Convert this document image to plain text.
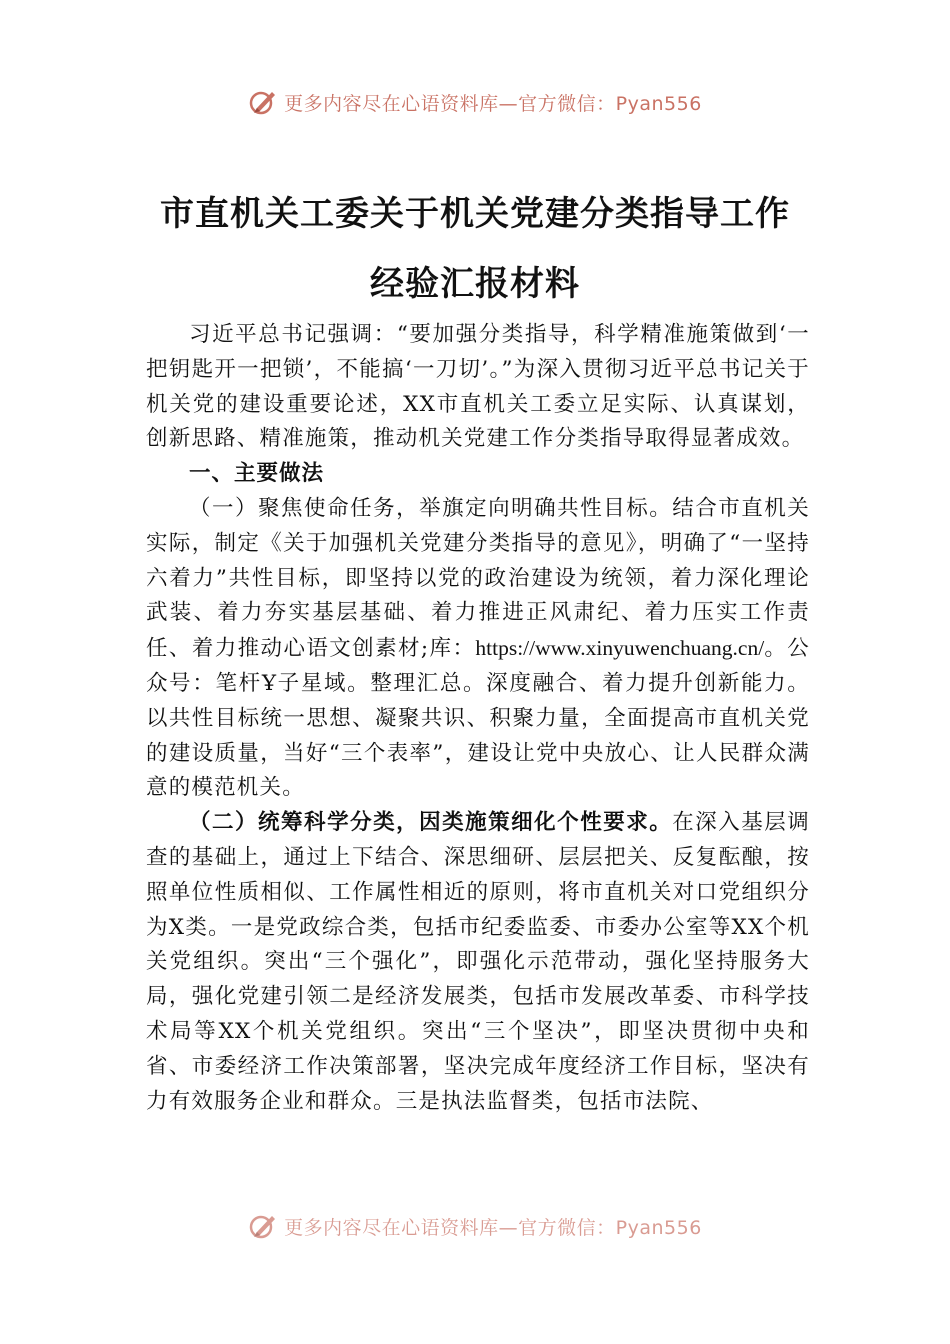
更多内容尽在心语资料库—官方微信：Pyan556
市直机关工委关于机关党建分类指导工作
经验汇报材料

习近平总书记强调：“要加强分类指导，科学精准施策做到‘一把钥匙开一把锁’，不能搞‘一刀切’。”为深入贯彻习近平总书记关于机关党的建设重要论述，XX市直机关工委立足实际、认真谋划，创新思路、精准施策，推动机关党建工作分类指导取得显著成效。

一、主要做法

（一）聚焦使命任务，举旗定向明确共性目标。结合市直机关实际，制定《关于加强机关党建分类指导的意见》，明确了“一坚持六着力”共性目标，即坚持以党的政治建设为统领，着力深化理论武装、着力夯实基层基础、着力推进正风肃纪、着力压实工作责任、着力推动心语文创素材;库：https://www.xinyuwenchuang.cn/。公众号：笔杆Ұ子星域。整理汇总。深度融合、着力提升创新能力。以共性目标统一思想、凝聚共识、积聚力量，全面提高市直机关党的建设质量，当好“三个表率”，建设让党中央放心、让人民群众满意的模范机关。

（二）统筹科学分类，因类施策细化个性要求。在深入基层调查的基础上，通过上下结合、深思细研、层层把关、反复酝酿，按照单位性质相似、工作属性相近的原则，将市直机关对口党组织分为X类。一是党政综合类，包括市纪委监委、市委办公室等XX个机关党组织。突出“三个强化”，即强化示范带动，强化坚持服务大局，强化党建引领二是经济发展类，包括市发展改革委、市科学技术局等XX个机关党组织。突出“三个坚决”，即坚决贯彻中央和省、市委经济工作决策部署，坚决完成年度经济工作目标，坚决有力有效服务企业和群众。三是执法监督类，包括市法院、

更多内容尽在心语资料库—官方微信：Pyan556
